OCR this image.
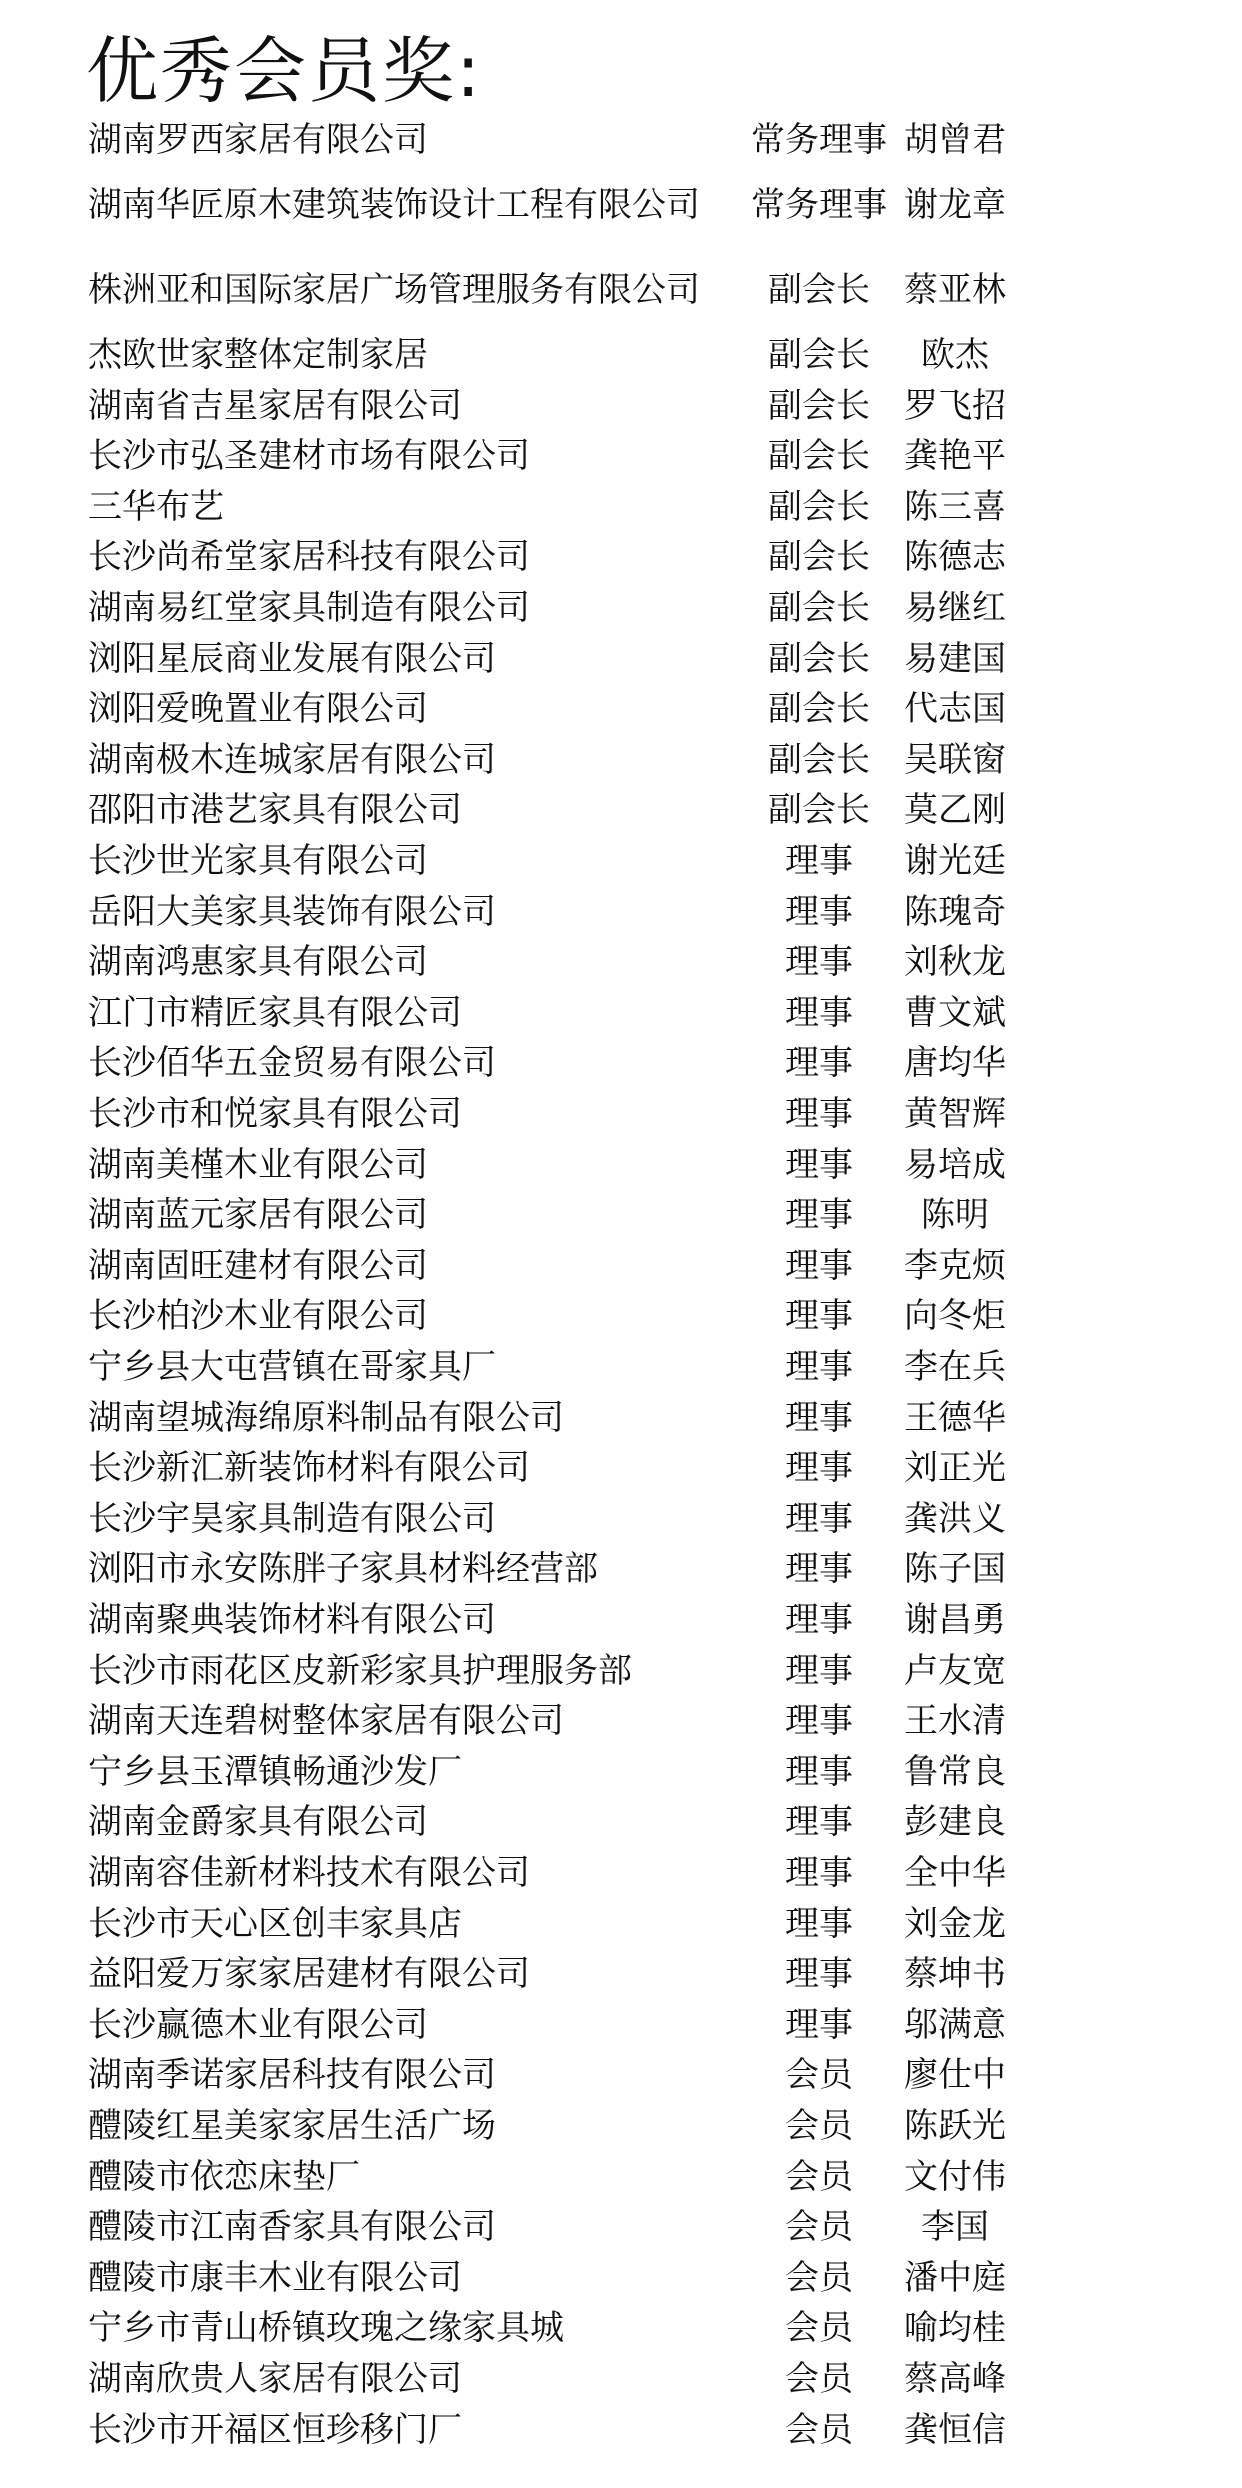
优秀会员奖:
湖南罗西家居有限公司	常务理事 胡曾君
湖南华匠原木建筑装饰设计工程有限公司	常务理事 谢龙章
株洲亚和国际家居广场管理服务有限公司	副会长	蔡亚林
杰欧世家整体定制家居	副会长	欧杰
湖南省吉星家居有限公司	副会长	罗飞招
长沙市弘圣建材市场有限公司	副会长	龚艳平
三华布艺	副会长	陈三喜
长沙尚希堂家居科技有限公司	副会长	陈德志
湖南易红堂家具制造有限公司	副会长	易继红
浏阳星辰商业发展有限公司	副会长	易建国
浏阳爱晚置业有限公司	副会长	代志国
湖南极木连城家居有限公司	副会长	吴联窗
邵阳市港艺家具有限公司	副会长	莫乙刚
长沙世光家具有限公司	理事	谢光廷
岳阳大美家具装饰有限公司	理事	陈瑰奇
湖南鸿惠家具有限公司	理事	刘秋龙
江门市精匠家具有限公司	理事	曹文斌
长沙佰华五金贸易有限公司	理事	唐均华
长沙市和悦家具有限公司	理事	黄智辉
湖南美槿木业有限公司	理事	易培成
湖南蓝元家居有限公司	理事	陈明
湖南固旺建材有限公司	理事	李克烦
长沙柏沙木业有限公司	理事	向冬炬
宁乡县大屯营镇在哥家具厂	理事	李在兵
湖南望城海绵原料制品有限公司	理事	王德华
长沙新汇新装饰材料有限公司	理事	刘正光
长沙宇昊家具制造有限公司	理事	龚洪义
浏阳市永安陈胖子家具材料经营部	理事	陈子国
湖南聚典装饰材料有限公司	理事	谢昌勇
长沙市雨花区皮新彩家具护理服务部	理事	卢友宽
湖南天连碧树整体家居有限公司	理事	王水清
宁乡县玉潭镇畅通沙发厂	理事	鲁常良
湖南金爵家具有限公司	理事	彭建良
湖南容佳新材料技术有限公司	理事	全中华
长沙市天心区创丰家具店	理事	刘金龙
益阳爱万家家居建材有限公司	理事	蔡坤书
长沙赢德木业有限公司	理事	邬满意
湖南季诺家居科技有限公司	会员	廖仕中
醴陵红星美家家居生活广场	会员	陈跃光
醴陵市依恋床垫厂	会员	文付伟
醴陵市江南香家具有限公司	会员	李国
醴陵市康丰木业有限公司	会员	潘中庭
宁乡市青山桥镇玫瑰之缘家具城	会员	喻均桂
湖南欣贵人家居有限公司	会员	蔡高峰
长沙市开福区恒珍移门厂	会员	龚恒信
